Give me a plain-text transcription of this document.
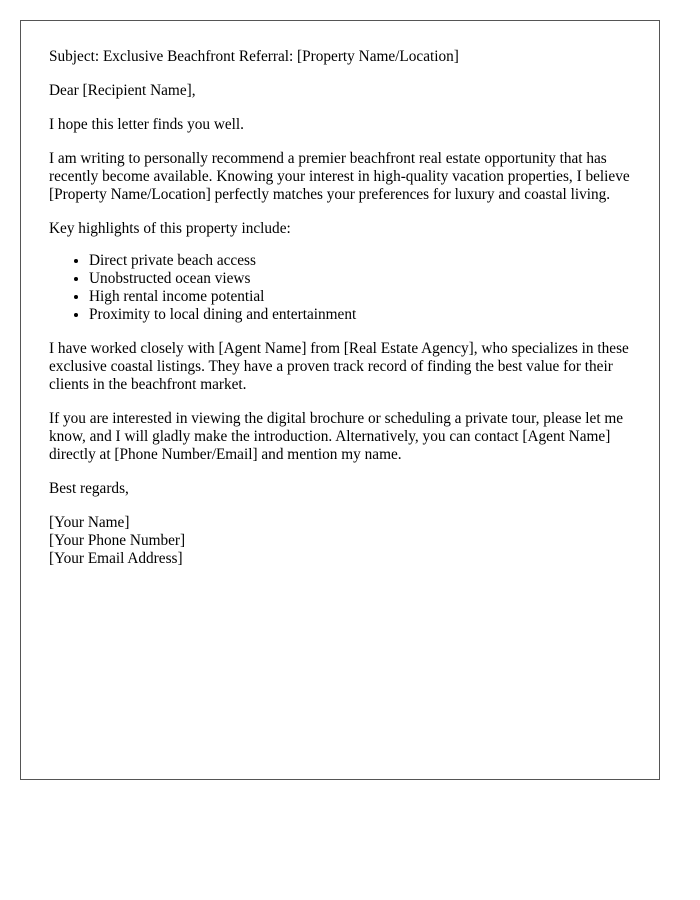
Subject: Exclusive Beachfront Referral: [Property Name/Location]

Dear [Recipient Name],

I hope this letter finds you well.

I am writing to personally recommend a premier beachfront real estate opportunity that has recently become available. Knowing your interest in high-quality vacation properties, I believe [Property Name/Location] perfectly matches your preferences for luxury and coastal living.

Key highlights of this property include:

• Direct private beach access
• Unobstructed ocean views
• High rental income potential
• Proximity to local dining and entertainment

I have worked closely with [Agent Name] from [Real Estate Agency], who specializes in these exclusive coastal listings. They have a proven track record of finding the best value for their clients in the beachfront market.

If you are interested in viewing the digital brochure or scheduling a private tour, please let me know, and I will gladly make the introduction. Alternatively, you can contact [Agent Name] directly at [Phone Number/Email] and mention my name.

Best regards,

[Your Name]
[Your Phone Number]
[Your Email Address]
